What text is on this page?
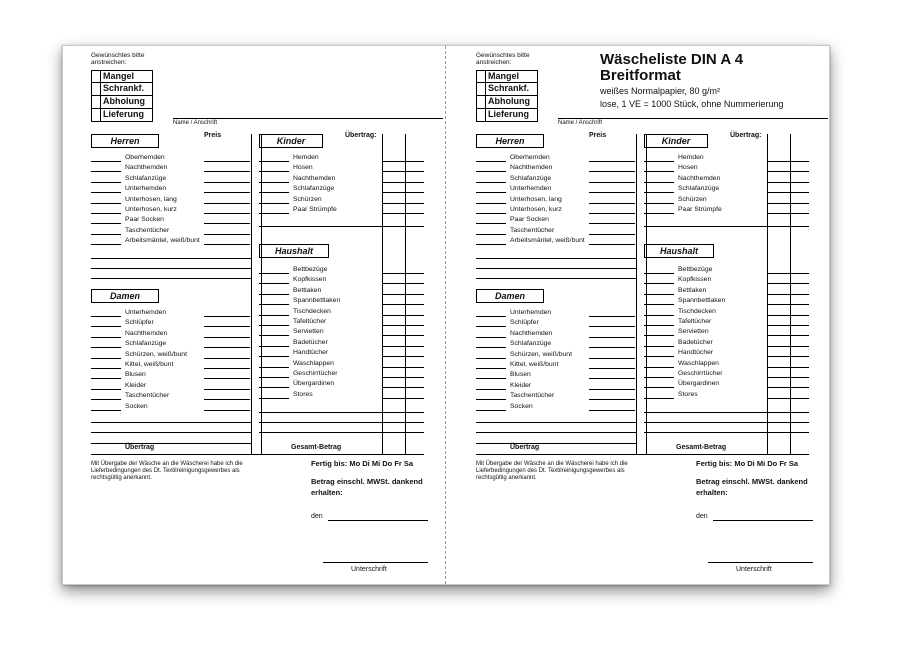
Gewünschtes bitte anstreichen:
Mangel
Schrankf.
Abholung
Lieferung
Name / Anschrift
Herren
Preis
Oberhemden
Nachthemden
Schlafanzüge
Unterhemden
Unterhosen, lang
Unterhosen, kurz
Paar Socken
Taschentücher
Arbeitsmäntel, weiß/bunt
Damen
Unterhemden
Schlüpfer
Nachthemden
Schlafanzüge
Schürzen, weiß/bunt
Kittel, weiß/bunt
Blusen
Kleider
Taschentücher
Socken
Übertrag
Kinder
Übertrag:
Hemden
Hosen
Nachthemden
Schlafanzüge
Schürzen
Paar Strümpfe
Haushalt
Bettbezüge
Kopfkissen
Bettlaken
Spannbettlaken
Tischdecken
Tafeltücher
Servietten
Badetücher
Handtücher
Waschlappen
Geschirrtücher
Übergardinen
Stores
Gesamt-Betrag
Mit Übergabe der Wäsche an die Wäscherei habe ich die Lieferbedingungen des Dt. Textilreinigungsgewerbes als rechtsgültig anerkannt.
Fertig bis: Mo Di Mi Do Fr Sa
Betrag einschl. MWSt. dankend erhalten:
den
Unterschrift
Gewünschtes bitte anstreichen:
Mangel
Schrankf.
Abholung
Lieferung
Wäscheliste DIN A 4
Breitformat
weißes Normalpapier, 80 g/m²
lose, 1 VE = 1000 Stück, ohne Nummerierung
Name / Anschrift
Herren
Preis
Oberhemden
Nachthemden
Schlafanzüge
Unterhemden
Unterhosen, lang
Unterhosen, kurz
Paar Socken
Taschentücher
Arbeitsmäntel, weiß/bunt
Damen
Unterhemden
Schlüpfer
Nachthemden
Schlafanzüge
Schürzen, weiß/bunt
Kittel, weiß/bunt
Blusen
Kleider
Taschentücher
Socken
Übertrag
Kinder
Übertrag:
Hemden
Hosen
Nachthemden
Schlafanzüge
Schürzen
Paar Strümpfe
Haushalt
Bettbezüge
Kopfkissen
Bettlaken
Spannbettlaken
Tischdecken
Tafeltücher
Servietten
Badetücher
Handtücher
Waschlappen
Geschirrtücher
Übergardinen
Stores
Gesamt-Betrag
Mit Übergabe der Wäsche an die Wäscherei habe ich die Lieferbedingungen des Dt. Textilreinigungsgewerbes als rechtsgültig anerkannt.
Fertig bis: Mo Di Mi Do Fr Sa
Betrag einschl. MWSt. dankend erhalten:
den
Unterschrift
